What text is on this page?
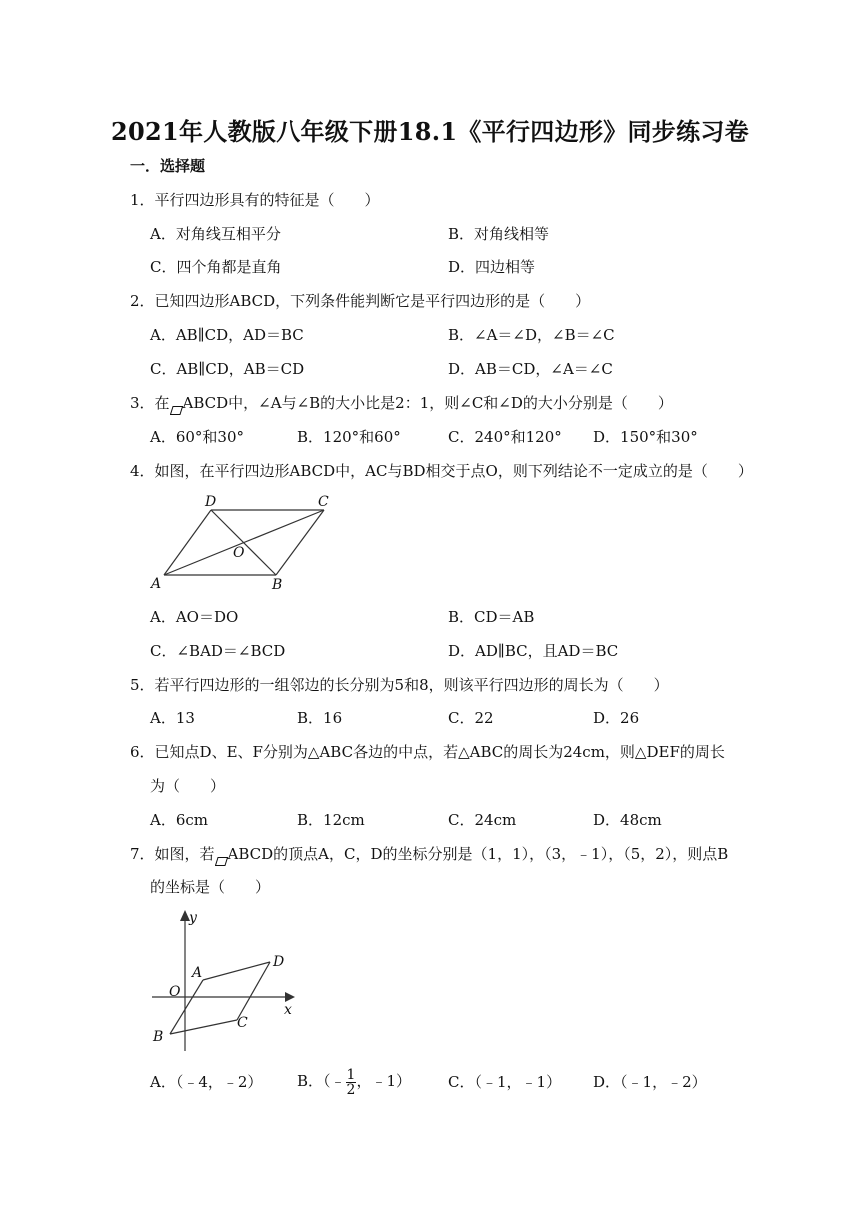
2021年人教版八年级下册18.1《平行四边形》同步练习卷
一．选择题
1．平行四边形具有的特征是（　　）
A．对角线互相平分	B．对角线相等
C．四个角都是直角	D．四边相等
2．已知四边形ABCD，下列条件能判断它是平行四边形的是（　　）
A．AB∥CD，AD＝BC	B．∠A＝∠D，∠B＝∠C
C．AB∥CD，AB＝CD	D．AB＝CD，∠A＝∠C
3．在 ABCD中，∠A与∠B的大小比是2：1，则∠C和∠D的大小分别是（　　）
A．60°和30°	B．120°和60°	C．240°和120° D．150°和30°
4．如图，在平行四边形ABCD中，AC与BD相交于点O，则下列结论不一定成立的是（　　）
D	C
O
A	B
A．AO＝DO	B．CD＝AB
C．∠BAD＝∠BCD	D．AD∥BC，且AD＝BC
5．若平行四边形的一组邻边的长分别为5和8，则该平行四边形的周长为（　　）
A．13	B．16	C．22	D．26
6．已知点D、E、F分别为△ABC各边的中点，若△ABC的周长为24cm，则△DEF的周长
为（　　）
A．6cm	B．12cm	C．24cm	D．48cm
7．如图，若 ABCD的顶点A，C，D的坐标分别是（1，1），（3，﹣1），（5，2），则点B
的坐标是（　　）
y
A
D
O
x
C
B
A．（﹣4，﹣2） B．（﹣ $\frac{1}{2}$ ，﹣1） C．（﹣1，﹣1） D．（﹣1，﹣2）
